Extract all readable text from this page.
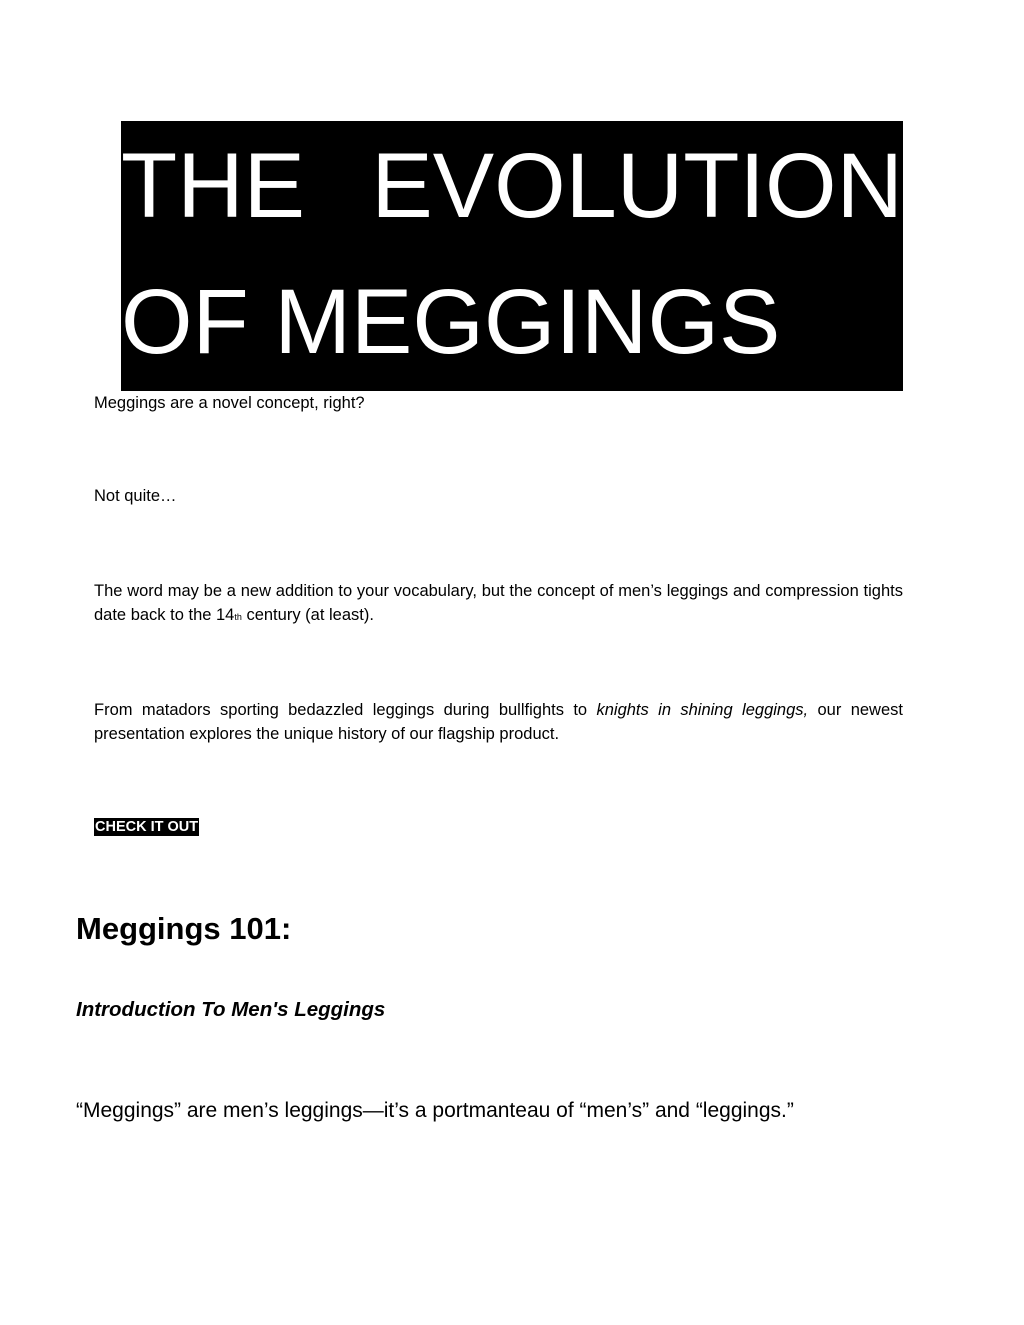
THE EVOLUTION
OF MEGGINGS

Meggings are a novel concept, right?

Not quite…

The word may be a new addition to your vocabulary, but the concept of men’s leggings and compression tights date back to the 14th century (at least).

From matadors sporting bedazzled leggings during bullfights to knights in shining leggings, our newest presentation explores the unique history of our flagship product.

CHECK IT OUT
Meggings 101:
Introduction To Men's Leggings

“Meggings” are men’s leggings—it’s a portmanteau of “men’s” and “leggings.”
